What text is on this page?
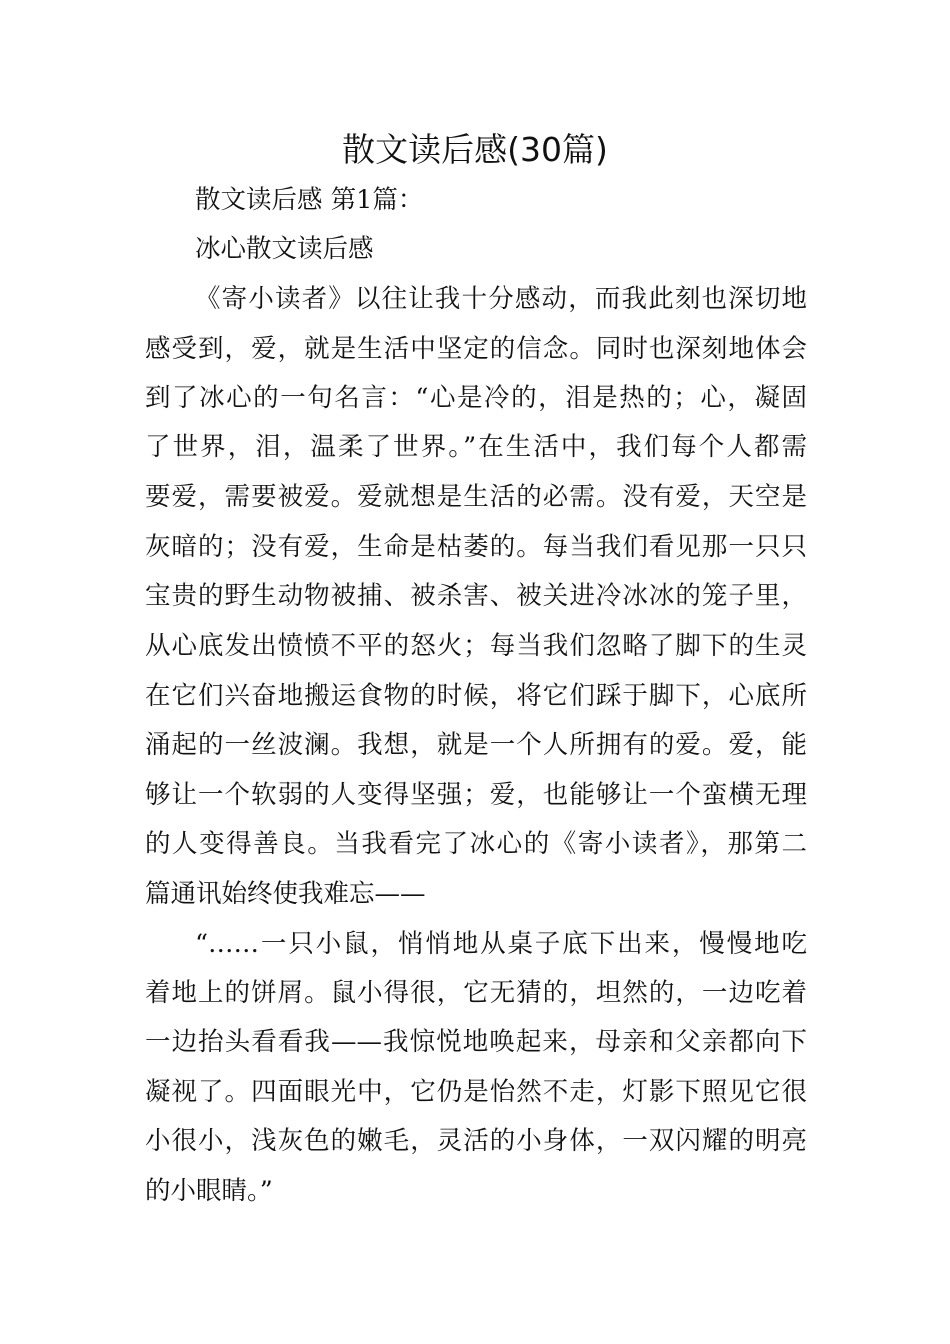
散文读后感(30篇)
散文读后感 第1篇：
冰心散文读后感
《寄小读者》以往让我十分感动，而我此刻也深切地
感受到，爱，就是生活中坚定的信念。同时也深刻地体会
到了冰心的一句名言：“心是冷的，泪是热的；心，凝固
了世界，泪，温柔了世界。”在生活中，我们每个人都需
要爱，需要被爱。爱就想是生活的必需。没有爱，天空是
灰暗的；没有爱，生命是枯萎的。每当我们看见那一只只
宝贵的野生动物被捕、被杀害、被关进冷冰冰的笼子里，
从心底发出愤愤不平的怒火；每当我们忽略了脚下的生灵
在它们兴奋地搬运食物的时候，将它们踩于脚下，心底所
涌起的一丝波澜。我想，就是一个人所拥有的爱。爱，能
够让一个软弱的人变得坚强；爱，也能够让一个蛮横无理
的人变得善良。当我看完了冰心的《寄小读者》，那第二
篇通讯始终使我难忘——
“……一只小鼠，悄悄地从桌子底下出来，慢慢地吃
着地上的饼屑。鼠小得很，它无猜的，坦然的，一边吃着
一边抬头看看我——我惊悦地唤起来，母亲和父亲都向下
凝视了。四面眼光中，它仍是怡然不走，灯影下照见它很
小很小，浅灰色的嫩毛，灵活的小身体，一双闪耀的明亮
的小眼睛。”
